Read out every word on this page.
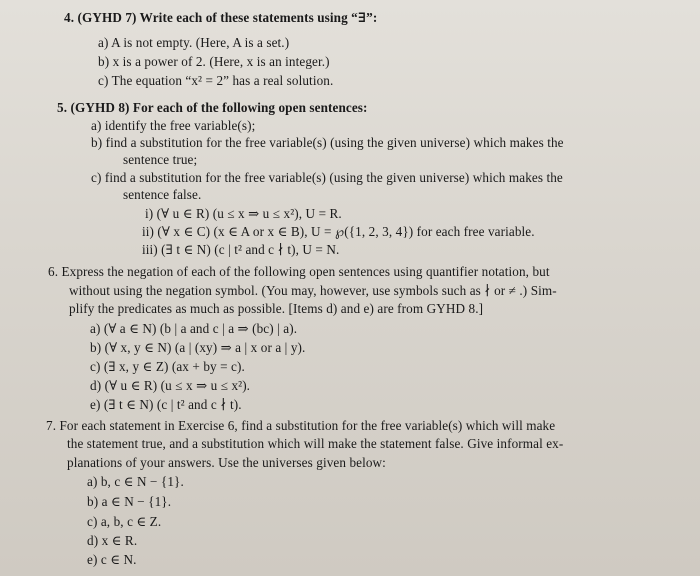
4. (GYHD 7) Write each of these statements using “∃”:
a) A is not empty. (Here, A is a set.)
b) x is a power of 2. (Here, x is an integer.)
c) The equation “x² = 2” has a real solution.
5. (GYHD 8) For each of the following open sentences:
a) identify the free variable(s);
b) find a substitution for the free variable(s) (using the given universe) which makes the
sentence true;
c) find a substitution for the free variable(s) (using the given universe) which makes the
sentence false.
i) (∀ u ∈ R) (u ≤ x ⇒ u ≤ x²), U = R.
ii) (∀ x ∈ C) (x ∈ A or x ∈ B), U = ℘({1, 2, 3, 4}) for each free variable.
iii) (∃ t ∈ N) (c | t² and c ∤ t), U = N.
6. Express the negation of each of the following open sentences using quantifier notation, but
without using the negation symbol. (You may, however, use symbols such as ∤ or ≠ .) Sim-
plify the predicates as much as possible. [Items d) and e) are from GYHD 8.]
a) (∀ a ∈ N) (b | a and c | a ⇒ (bc) | a).
b) (∀ x, y ∈ N) (a | (xy) ⇒ a | x or a | y).
c) (∃ x, y ∈ Z) (ax + by = c).
d) (∀ u ∈ R) (u ≤ x ⇒ u ≤ x²).
e) (∃ t ∈ N) (c | t² and c ∤ t).
7. For each statement in Exercise 6, find a substitution for the free variable(s) which will make
the statement true, and a substitution which will make the statement false. Give informal ex-
planations of your answers. Use the universes given below:
a) b, c ∈ N − {1}.
b) a ∈ N − {1}.
c) a, b, c ∈ Z.
d) x ∈ R.
e) c ∈ N.
